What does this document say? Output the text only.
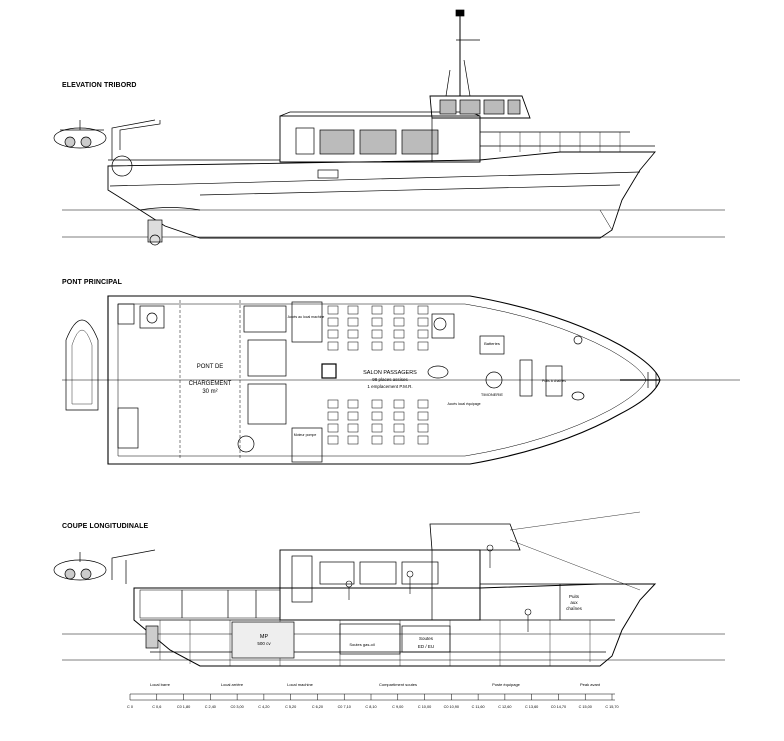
ELEVATION TRIBORD
PONT PRINCIPAL
COUPE LONGITUDINALE
PONT DE
CHARGEMENT
30 m²
Accès au local machine
SALON PASSAGERS
98 places assises
1 emplacement P.M.R.
Batteries
TIMONERIE
Accès local équipage
Moteur pompe
Puits à chaînes
MP
500 cv	Soutes gas-oil
Soutes
ED / EU
Puits
aux
chaînes
Local barre	Local arrière	Local machine	Compartiment soutes	Poste équipage	Peak avant
C 0	C 0,6	C0 1,80	C 2,40	C0 3,00	C 4,20	C 5,20	C 6,20	C0 7,10	C 8,10	C 9,00	C 10,00	C0 10,90	C 11,60	C 12,60	C 13,60	C0 14,70	C 15,00	C 15,70
